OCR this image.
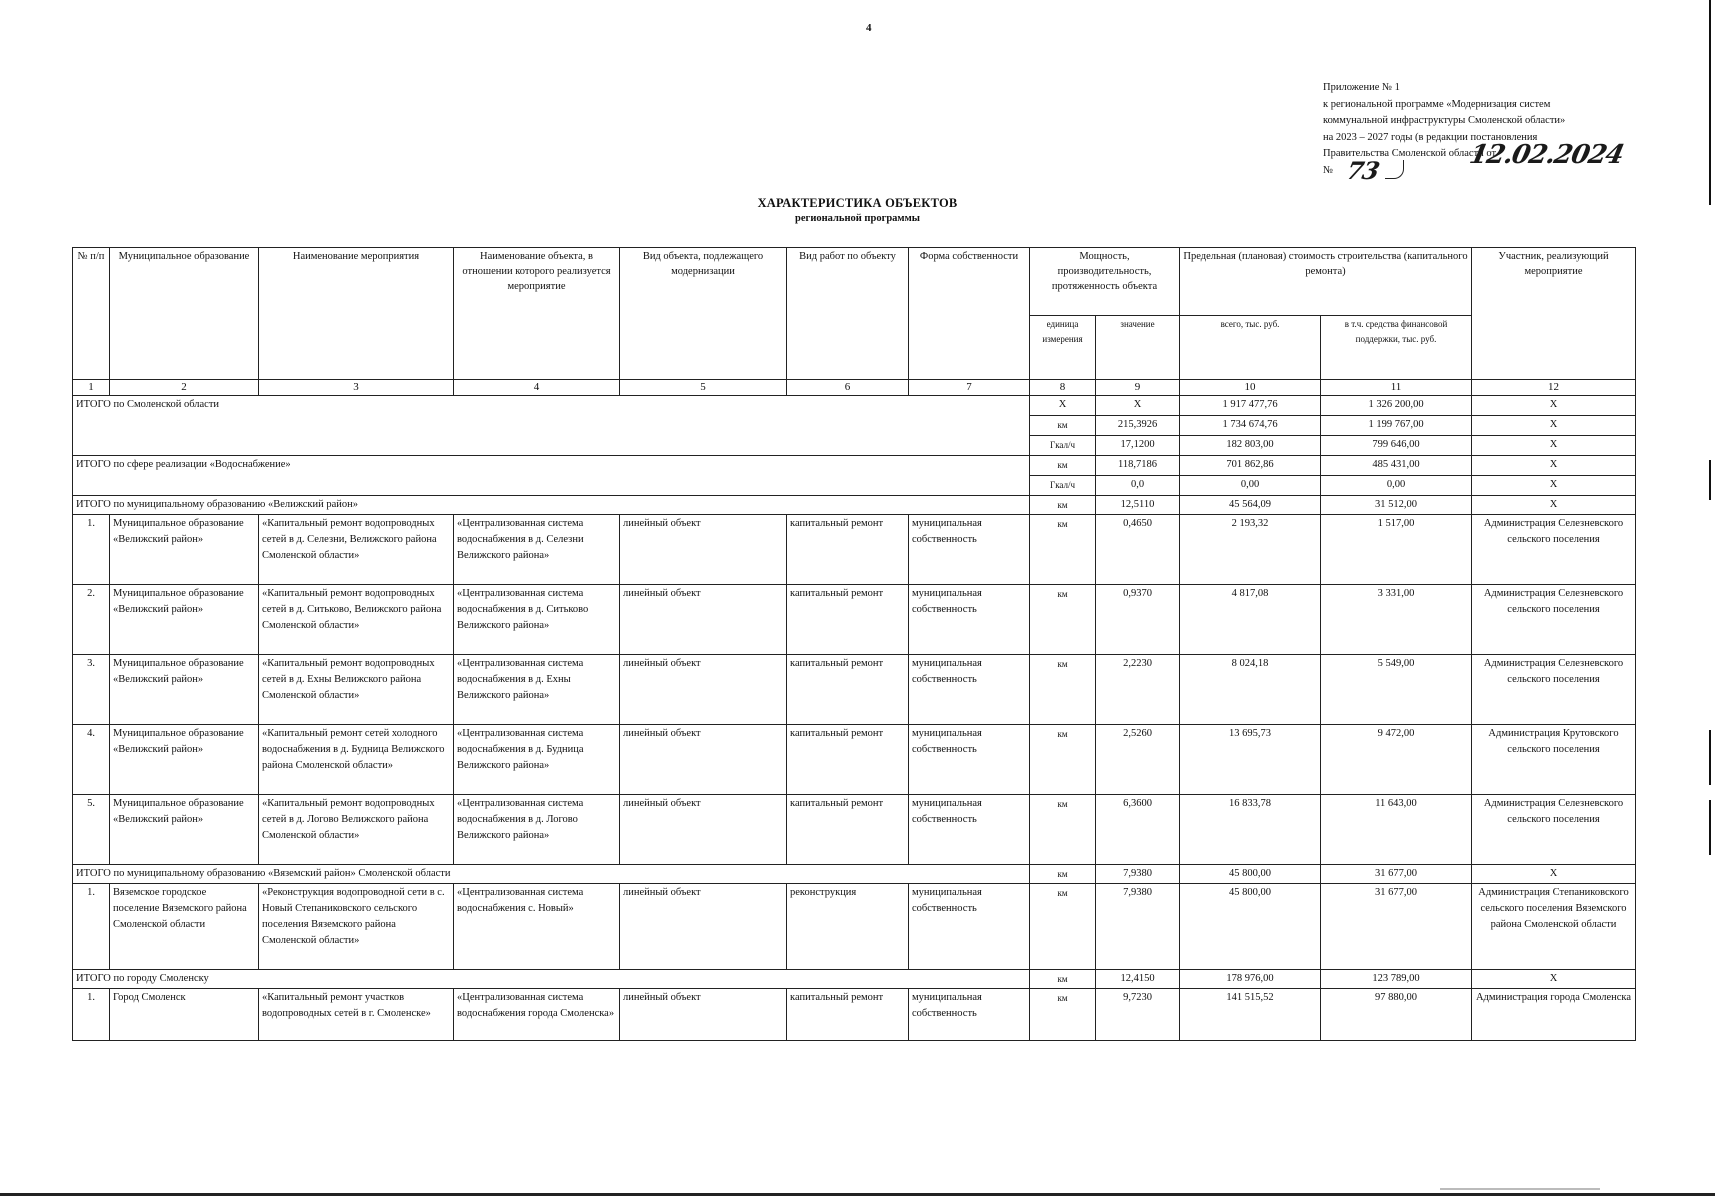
4
Приложение № 1
к региональной программе «Модернизация систем
коммунальной инфраструктуры Смоленской области»
на 2023 – 2027 годы (в редакции постановления
Правительства Смоленской области от
№	12.02.2024
73
ХАРАКТЕРИСТИКА ОБЪЕКТОВ
региональной программы
№ п/п	Муниципальное образование	Наименование мероприятия	Наименование объекта, в отношении которого реализуется мероприятие	Вид объекта, подлежащего модернизации	Вид работ по объекту	Форма собственности	Мощность, производительность, протяженность объекта		Предельная (плановая) стоимость строительства (капитального ремонта)		Участник, реализующий мероприятие
							единица измерения	значение	всего, тыс. руб.	в т.ч. средства финансовой поддержки, тыс. руб.	
1	2	3	4	5	6	7	8	9	10	11	12
ИТОГО по Смоленской области							Х	Х	1 917 477,76	1 326 200,00	Х
							км	215,3926	1 734 674,76	1 199 767,00	Х
							Гкал/ч	17,1200	182 803,00	799 646,00	Х
ИТОГО по сфере реализации «Водоснабжение»							км	118,7186	701 862,86	485 431,00	Х
							Гкал/ч	0,0	0,00	0,00	Х
ИТОГО по муниципальному образованию «Велижский район»							км	12,5110	45 564,09	31 512,00	Х
1.	Муниципальное образование «Велижский район»	«Капитальный ремонт водопроводных сетей в д. Селезни, Велижского района Смоленской области»	«Централизованная система водоснабжения в д. Селезни Велижского района»	линейный объект	капитальный ремонт	муниципальная собственность	км	0,4650	2 193,32	1 517,00	Администрация Селезневского сельского поселения
2.	Муниципальное образование «Велижский район»	«Капитальный ремонт водопроводных сетей в д. Ситьково, Велижского района Смоленской области»	«Централизованная система водоснабжения в д. Ситьково Велижского района»	линейный объект	капитальный ремонт	муниципальная собственность	км	0,9370	4 817,08	3 331,00	Администрация Селезневского сельского поселения
3.	Муниципальное образование «Велижский район»	«Капитальный ремонт водопроводных сетей в д. Ехны Велижского района Смоленской области»	«Централизованная система водоснабжения в д. Ехны Велижского района»	линейный объект	капитальный ремонт	муниципальная собственность	км	2,2230	8 024,18	5 549,00	Администрация Селезневского сельского поселения
4.	Муниципальное образование «Велижский район»	«Капитальный ремонт сетей холодного водоснабжения в д. Будница Велижского района Смоленской области»	«Централизованная система водоснабжения в д. Будница Велижского района»	линейный объект	капитальный ремонт	муниципальная собственность	км	2,5260	13 695,73	9 472,00	Администрация Крутовского сельского поселения
5.	Муниципальное образование «Велижский район»	«Капитальный ремонт водопроводных сетей в д. Логово Велижского района Смоленской области»	«Централизованная система водоснабжения в д. Логово Велижского района»	линейный объект	капитальный ремонт	муниципальная собственность	км	6,3600	16 833,78	11 643,00	Администрация Селезневского сельского поселения
ИТОГО по муниципальному образованию «Вяземский район» Смоленской области							км	7,9380	45 800,00	31 677,00	Х
1.	Вяземское городское поселение Вяземского района Смоленской области	«Реконструкция водопроводной сети в с. Новый Степаниковского сельского поселения Вяземского района Смоленской области»	«Централизованная система водоснабжения с. Новый»	линейный объект	реконструкция	муниципальная собственность	км	7,9380	45 800,00	31 677,00	Администрация Степаниковского сельского поселения Вяземского района Смоленской области
ИТОГО по городу Смоленску							км	12,4150	178 976,00	123 789,00	Х
1.	Город Смоленск	«Капитальный ремонт участков водопроводных сетей в г. Смоленске»	«Централизованная система водоснабжения города Смоленска»	линейный объект	капитальный ремонт	муниципальная собственность	км	9,7230	141 515,52	97 880,00	Администрация города Смоленска
